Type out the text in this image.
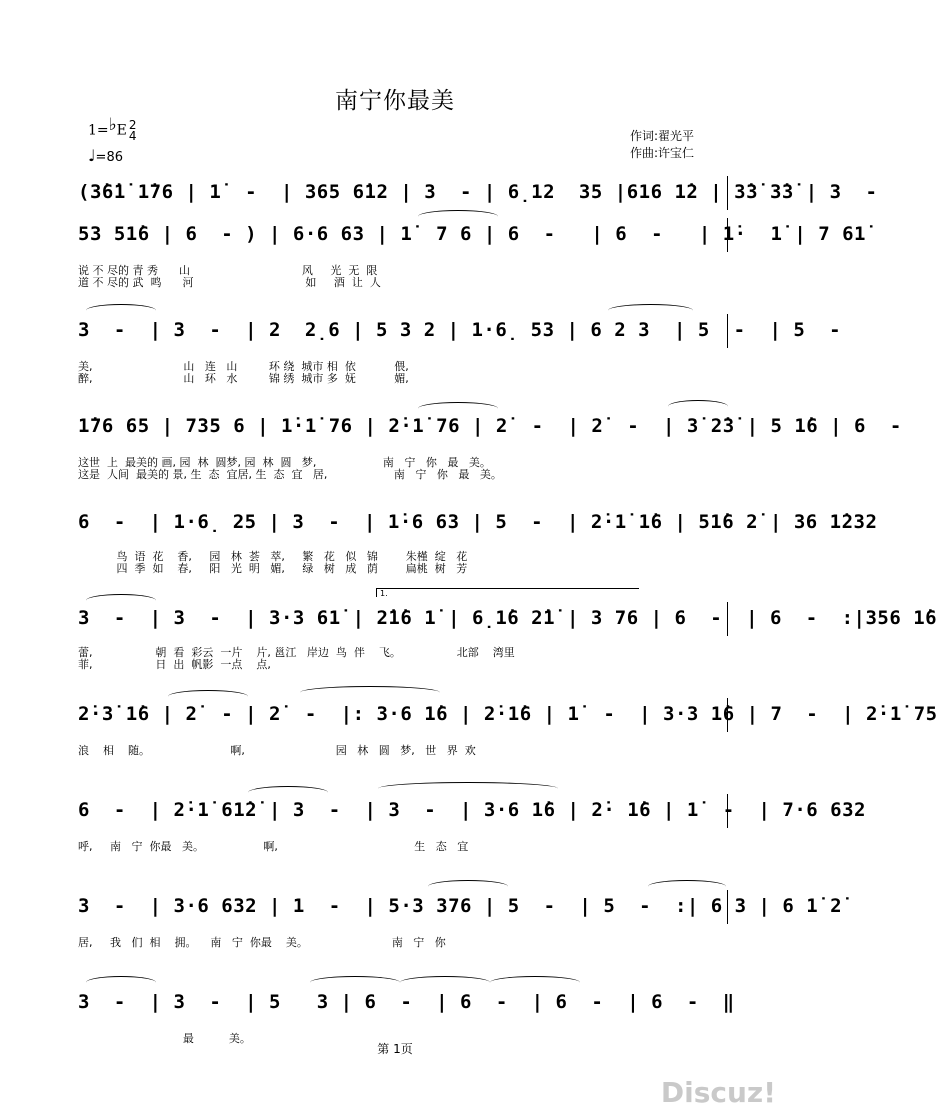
南宁你最美
1=♭E 2
4
♩=86
作词:翟光平
作曲:许宝仁
(3̇6̇1̇ 1̇76 | 1̇  -  | 365 6̇12 | 3  - | 6̣12  35 |616 1̇2 | 3̇3̇ 3̇3̇ | 3  -
53 51̇6 | 6  - ) | 6·6 63 | 1̇  7 6 | 6  -   | 6  -   | 1̇·  1̇ | 7 61̇
说 不 尽的 青 秀      山                                风     光  无  限
道 不 尽的 武  鸣      河                                如     酒  让  人
3  -  | 3  -  | 2  2̣6 | 5 3 2 | 1·6̣ 53 | 6 2 3  | 5  -  | 5  -
美,                          山   连   山         环 绕  城市 相  依           偎,
醉,                          山   环   水         锦 绣  城市 多  妩           媚,
1̇76 65 | 735 6 | 1̇·1̇ 76 | 2̇·1̇ 76 | 2̇  -  | 2̇  -  | 3̇ 2̇3̇ | 5 1̇6 | 6  -
这世  上  最美的 画, 园  林  圆梦, 园  林  圆   梦,                   南   宁   你   最   美。
这是  人间  最美的 景, 生  态  宜居, 生  态  宜   居,                   南   宁   你   最   美。
6  -  | 1·6̣ 25 | 3  -  | 1̇·6 63 | 5  -  | 2̇·1̇ 1̇6 | 51̇6 2̇ | 36 1̇232
鸟  语  花    香,     园   林  荟   萃,     繁   花   似   锦        朱槿  绽   花
四  季  如    春,     阳   光  明   媚,     绿   树   成   荫        扁桃  树   芳
3  -  | 3  -  | 3·3 61̇ | 2̇1̇6 1̇ | 6̣1̇6 2̇1̇ | 3 76 | 6  -  | 6  -  :|356 1̇6
1.
蕾,                  朝  看  彩云  一片    片, 邕江   岸边  鸟  伴    飞。                北部    湾里
菲,                  日  出  帆影  一点    点,
2̇·3̇ 1̇6 | 2̇  - | 2̇  -  |: 3·6 1̇6 | 2̇·1̇6 | 1̇  -  | 3·3 1̇6 | 7  -  | 2̇·1̇ 75
浪    相    随。                       啊,                          园   林   圆   梦,   世   界  欢
6  -  | 2̇·1̇ 61̇2̇ | 3  -  | 3  -  | 3·6 1̇6 | 2̇· 1̇6 | 1̇  -  | 7·6 632
呼,     南   宁  你最   美。                 啊,                                       生   态   宜
3  -  | 3·6 632 | 1  -  | 5·3 376 | 5  -  | 5  -  :| 6 3 | 6 1̇ 2̇
居,     我   们  相    拥。    南   宁  你最    美。                        南   宁   你
3  -  | 3  -  | 5   3 | 6  -  | 6  -  | 6  -  | 6  -  ‖
最          美。
第 1页
Discuz!
